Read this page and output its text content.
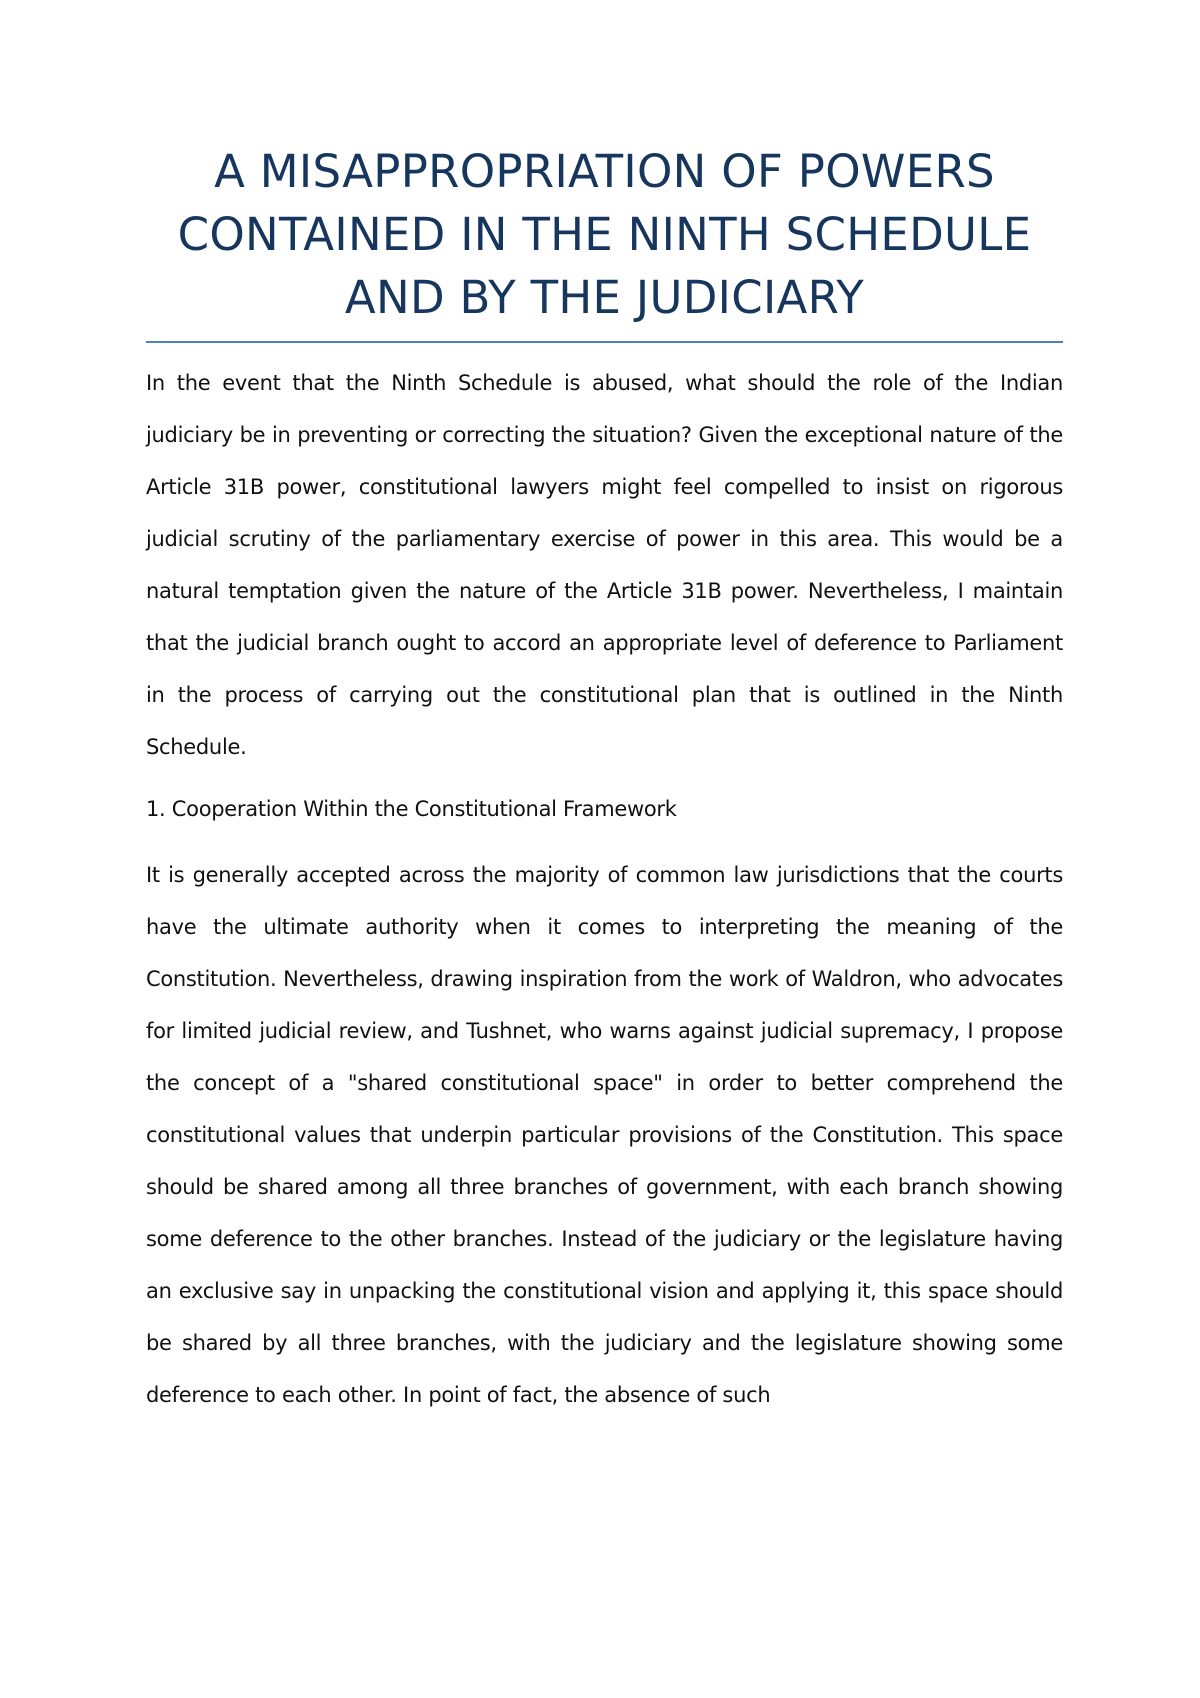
A MISAPPROPRIATION OF POWERS CONTAINED IN THE NINTH SCHEDULE AND BY THE JUDICIARY

In the event that the Ninth Schedule is abused, what should the role of the Indian judiciary be in preventing or correcting the situation? Given the exceptional nature of the Article 31B power, constitutional lawyers might feel compelled to insist on rigorous judicial scrutiny of the parliamentary exercise of power in this area. This would be a natural temptation given the nature of the Article 31B power. Nevertheless, I maintain that the judicial branch ought to accord an appropriate level of deference to Parliament in the process of carrying out the constitutional plan that is outlined in the Ninth Schedule.

1. Cooperation Within the Constitutional Framework

It is generally accepted across the majority of common law jurisdictions that the courts have the ultimate authority when it comes to interpreting the meaning of the Constitution. Nevertheless, drawing inspiration from the work of Waldron, who advocates for limited judicial review, and Tushnet, who warns against judicial supremacy, I propose the concept of a "shared constitutional space" in order to better comprehend the constitutional values that underpin particular provisions of the Constitution. This space should be shared among all three branches of government, with each branch showing some deference to the other branches. Instead of the judiciary or the legislature having an exclusive say in unpacking the constitutional vision and applying it, this space should be shared by all three branches, with the judiciary and the legislature showing some deference to each other. In point of fact, the absence of such
